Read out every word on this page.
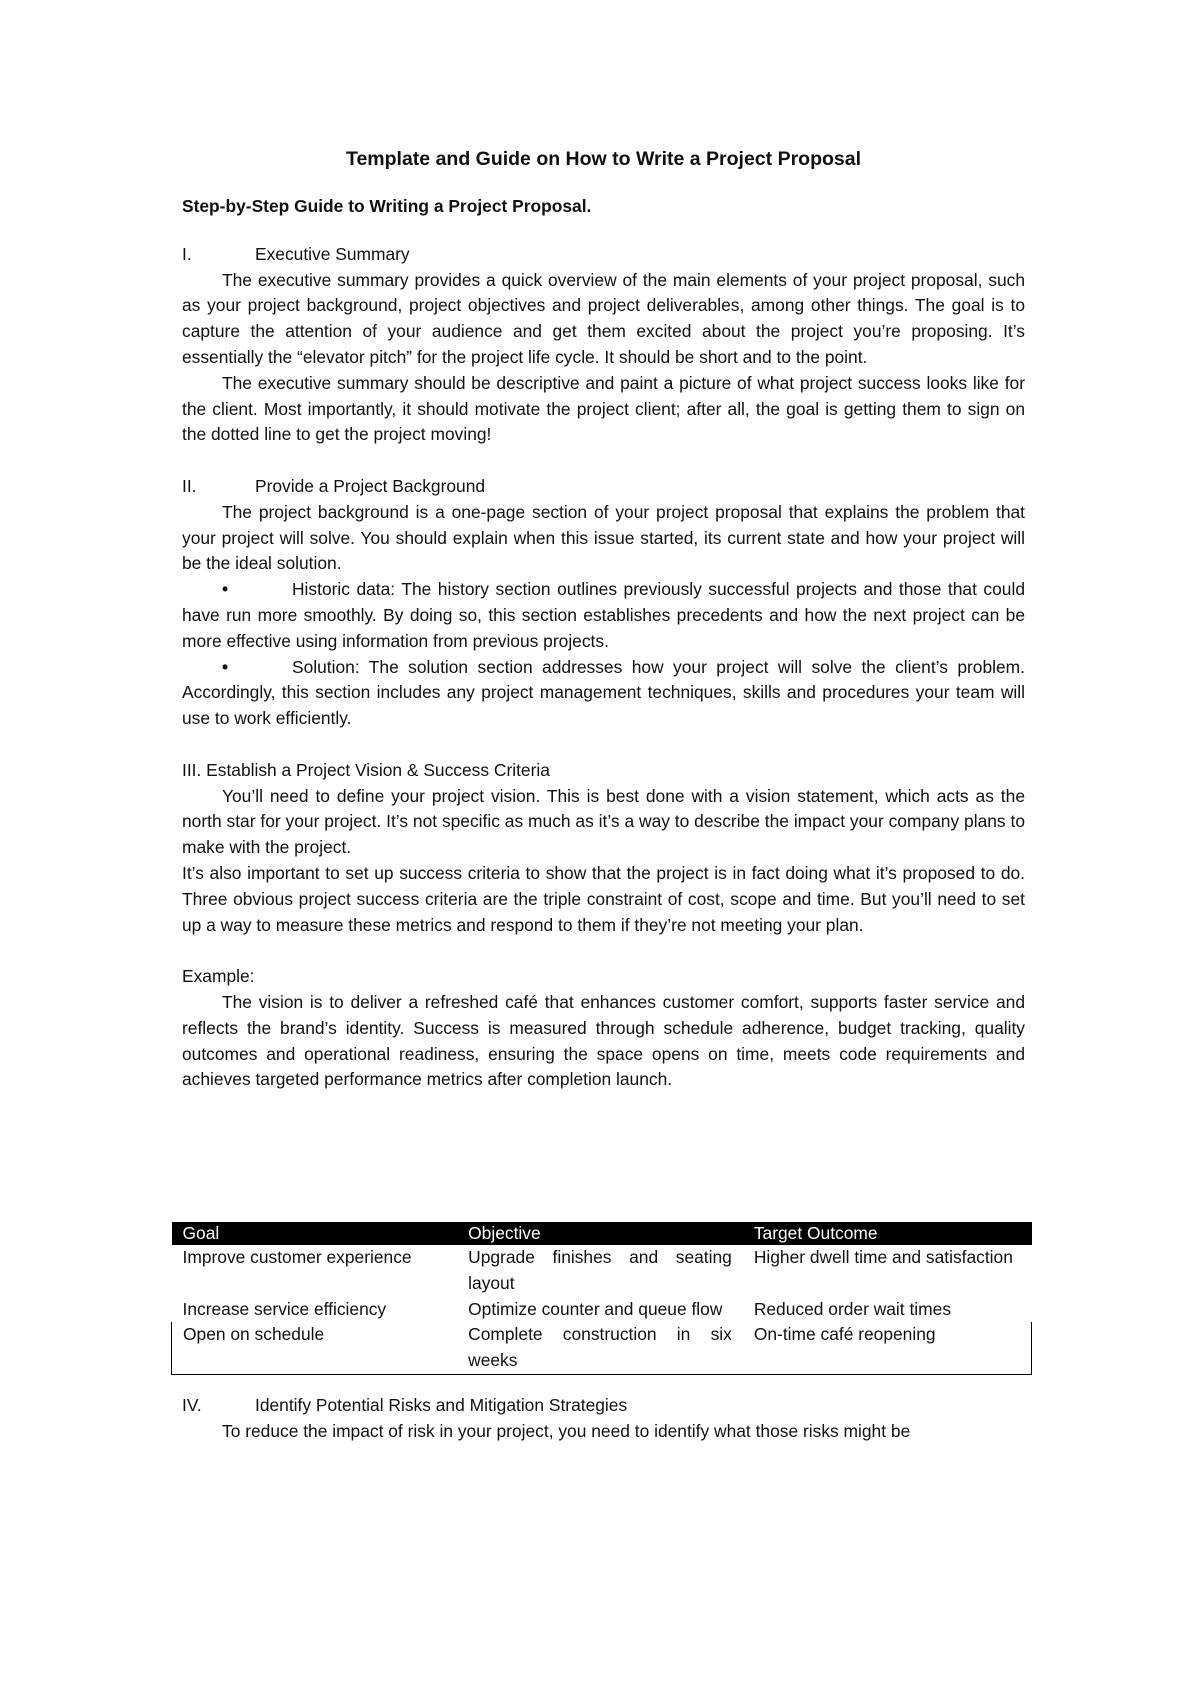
Template and Guide on How to Write a Project Proposal
Step-by-Step Guide to Writing a Project Proposal.
I.	Executive Summary

The executive summary provides a quick overview of the main elements of your project proposal, such as your project background, project objectives and project deliverables, among other things. The goal is to capture the attention of your audience and get them excited about the project you’re proposing. It’s essentially the “elevator pitch” for the project life cycle. It should be short and to the point.

The executive summary should be descriptive and paint a picture of what project success looks like for the client. Most importantly, it should motivate the project client; after all, the goal is getting them to sign on the dotted line to get the project moving!

II.	Provide a Project Background

The project background is a one-page section of your project proposal that explains the problem that your project will solve. You should explain when this issue started, its current state and how your project will be the ideal solution.

•	Historic data: The history section outlines previously successful projects and those that could have run more smoothly. By doing so, this section establishes precedents and how the next project can be more effective using information from previous projects.

•	Solution: The solution section addresses how your project will solve the client’s problem. Accordingly, this section includes any project management techniques, skills and procedures your team will use to work efficiently.

III. Establish a Project Vision & Success Criteria

You’ll need to define your project vision. This is best done with a vision statement, which acts as the north star for your project. It’s not specific as much as it’s a way to describe the impact your company plans to make with the project.

It’s also important to set up success criteria to show that the project is in fact doing what it’s proposed to do. Three obvious project success criteria are the triple constraint of cost, scope and time. But you’ll need to set up a way to measure these metrics and respond to them if they’re not meeting your plan.

Example:

The vision is to deliver a refreshed café that enhances customer comfort, supports faster service and reflects the brand’s identity. Success is measured through schedule adherence, budget tracking, quality outcomes and operational readiness, ensuring the space opens on time, meets code requirements and achieves targeted performance metrics after completion launch.

Goal	Objective	Target Outcome
Improve customer experience	Upgrade finishes and seating layout	Higher dwell time and satisfaction
Increase service efficiency	Optimize counter and queue flow	Reduced order wait times
Open on schedule	Complete construction in six weeks	On-time café reopening
IV.	Identify Potential Risks and Mitigation Strategies

To reduce the impact of risk in your project, you need to identify what those risks might be
